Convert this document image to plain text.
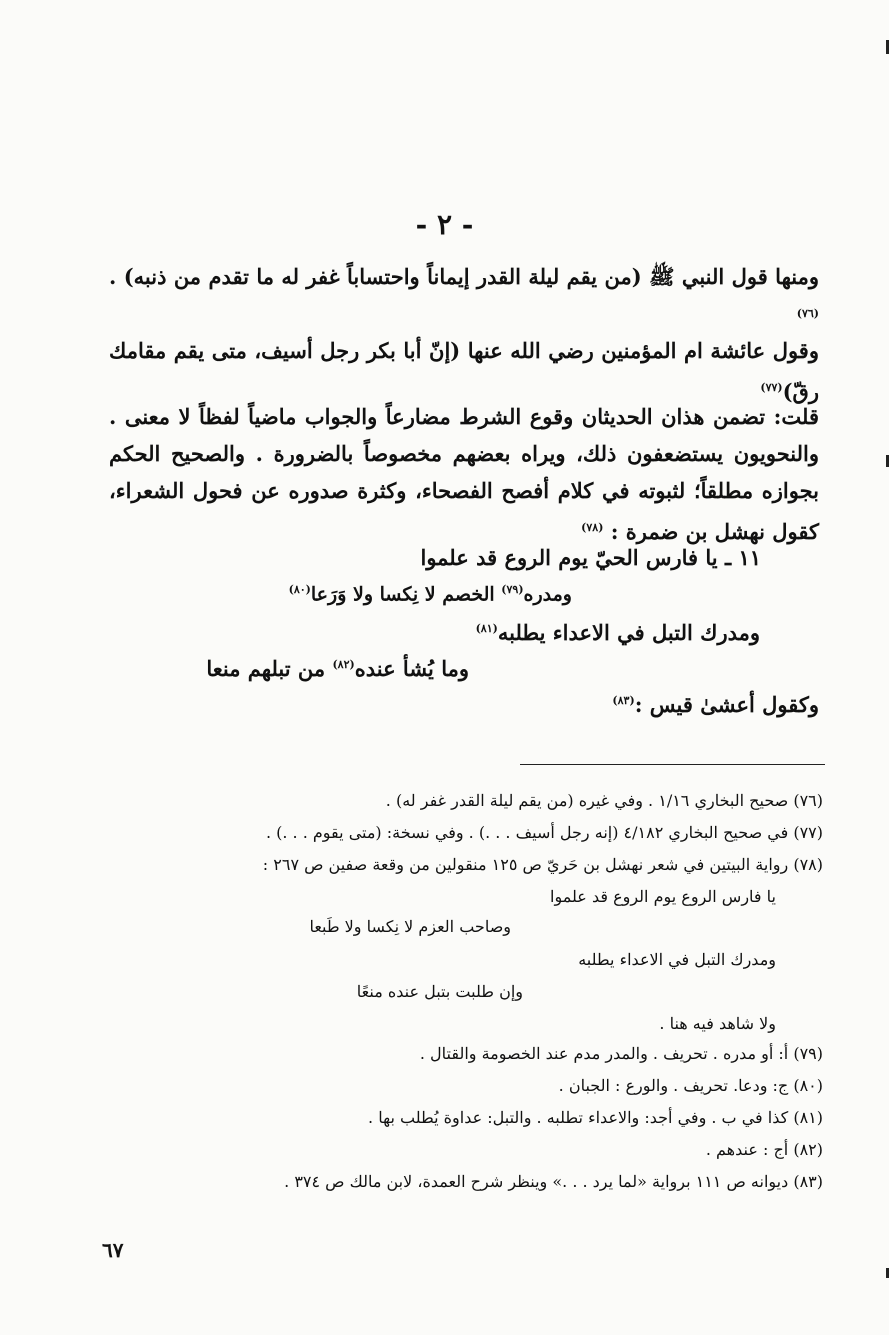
- ٢ -
ومنها قول النبي ﷺ (من يقم ليلة القدر إيماناً واحتساباً غفر له ما تقدم من ذنبه) . $^{(٧٦)}$
وقول عائشة ام المؤمنين رضي الله عنها (إنّ أبا بكر رجل أسيف، متى يقم مقامك رقّ)$^{(٧٧)}$
قلت: تضمن هذان الحديثان وقوع الشرط مضارعاً والجواب ماضياً لفظاً لا معنى . والنحويون يستضعفون ذلك، ويراه بعضهم مخصوصاً بالضرورة . والصحيح الحكم بجوازه مطلقاً؛ لثبوته في كلام أفصح الفصحاء، وكثرة صدوره عن فحول الشعراء، كقول نهشل بن ضمرة : $^{(٧٨)}$
١١ ـ يا فارس الحيّ يوم الروع قد علموا
ومدره$^{(٧٩)}$ الخصم لا نِكسا ولا وَرَعا$^{(٨٠)}$
ومدرك التبل في الاعداء يطلبه$^{(٨١)}$
وما يُشأ عنده$^{(٨٢)}$ من تبلهم منعا
وكقول أعشىٰ قيس :$^{(٨٣)}$
(٧٦) صحيح البخاري ١/١٦ . وفي غيره (من يقم ليلة القدر غفر له) .
(٧٧) في صحيح البخاري ٤/١٨٢ (إنه رجل أسيف . . .) . وفي نسخة: (متى يقوم . . .) .
(٧٨) رواية البيتين في شعر نهشل بن حَريّ ص ١٢٥ منقولين من وقعة صفين ص ٢٦٧ :
يا فارس الروع يوم الروع قد علموا
وصاحب العزم لا نِكسا ولا طَبعا
ومدرك التبل في الاعداء يطلبه
وإن طلبت بتبل عنده منعًا
ولا شاهد فيه هنا .
(٧٩) أ: أو مدره . تحريف . والمدر مدم عند الخصومة والقتال .
(٨٠) ج: ودعا. تحريف . والورع : الجبان .
(٨١) كذا في ب . وفي أجد: والاعداء تطلبه . والتبل: عداوة يُطلب بها .
(٨٢) أج : عندهم .
(٨٣) ديوانه ص ١١١ برواية «لما يرد . . .» وينظر شرح العمدة، لابن مالك ص ٣٧٤ .
٦٧
